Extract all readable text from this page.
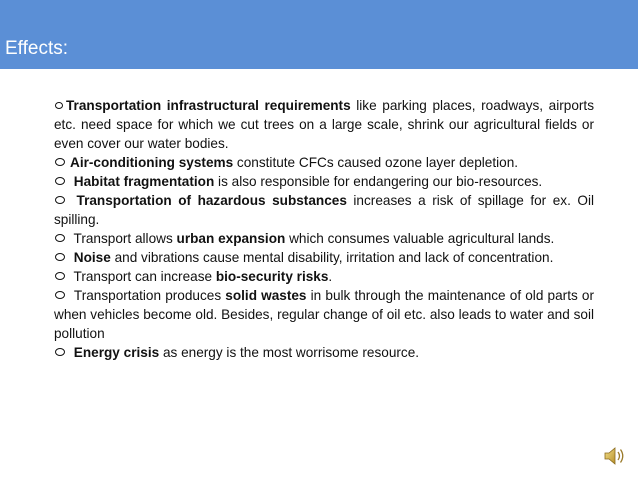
Effects:
Transportation infrastructural requirements like parking places, roadways, airports etc. need space for which we cut trees on a large scale, shrink our agricultural fields or even cover our water bodies.
Air-conditioning systems constitute CFCs caused ozone layer depletion.
Habitat fragmentation is also responsible for endangering our bio-resources.
Transportation of hazardous substances increases a risk of spillage for ex. Oil spilling.
Transport allows urban expansion which consumes valuable agricultural lands.
Noise and vibrations cause mental disability, irritation and lack of concentration.
Transport can increase bio-security risks.
Transportation produces solid wastes in bulk through the maintenance of old parts or when vehicles become old. Besides, regular change of oil etc. also leads to water and soil pollution
Energy crisis as energy is the most worrisome resource.
